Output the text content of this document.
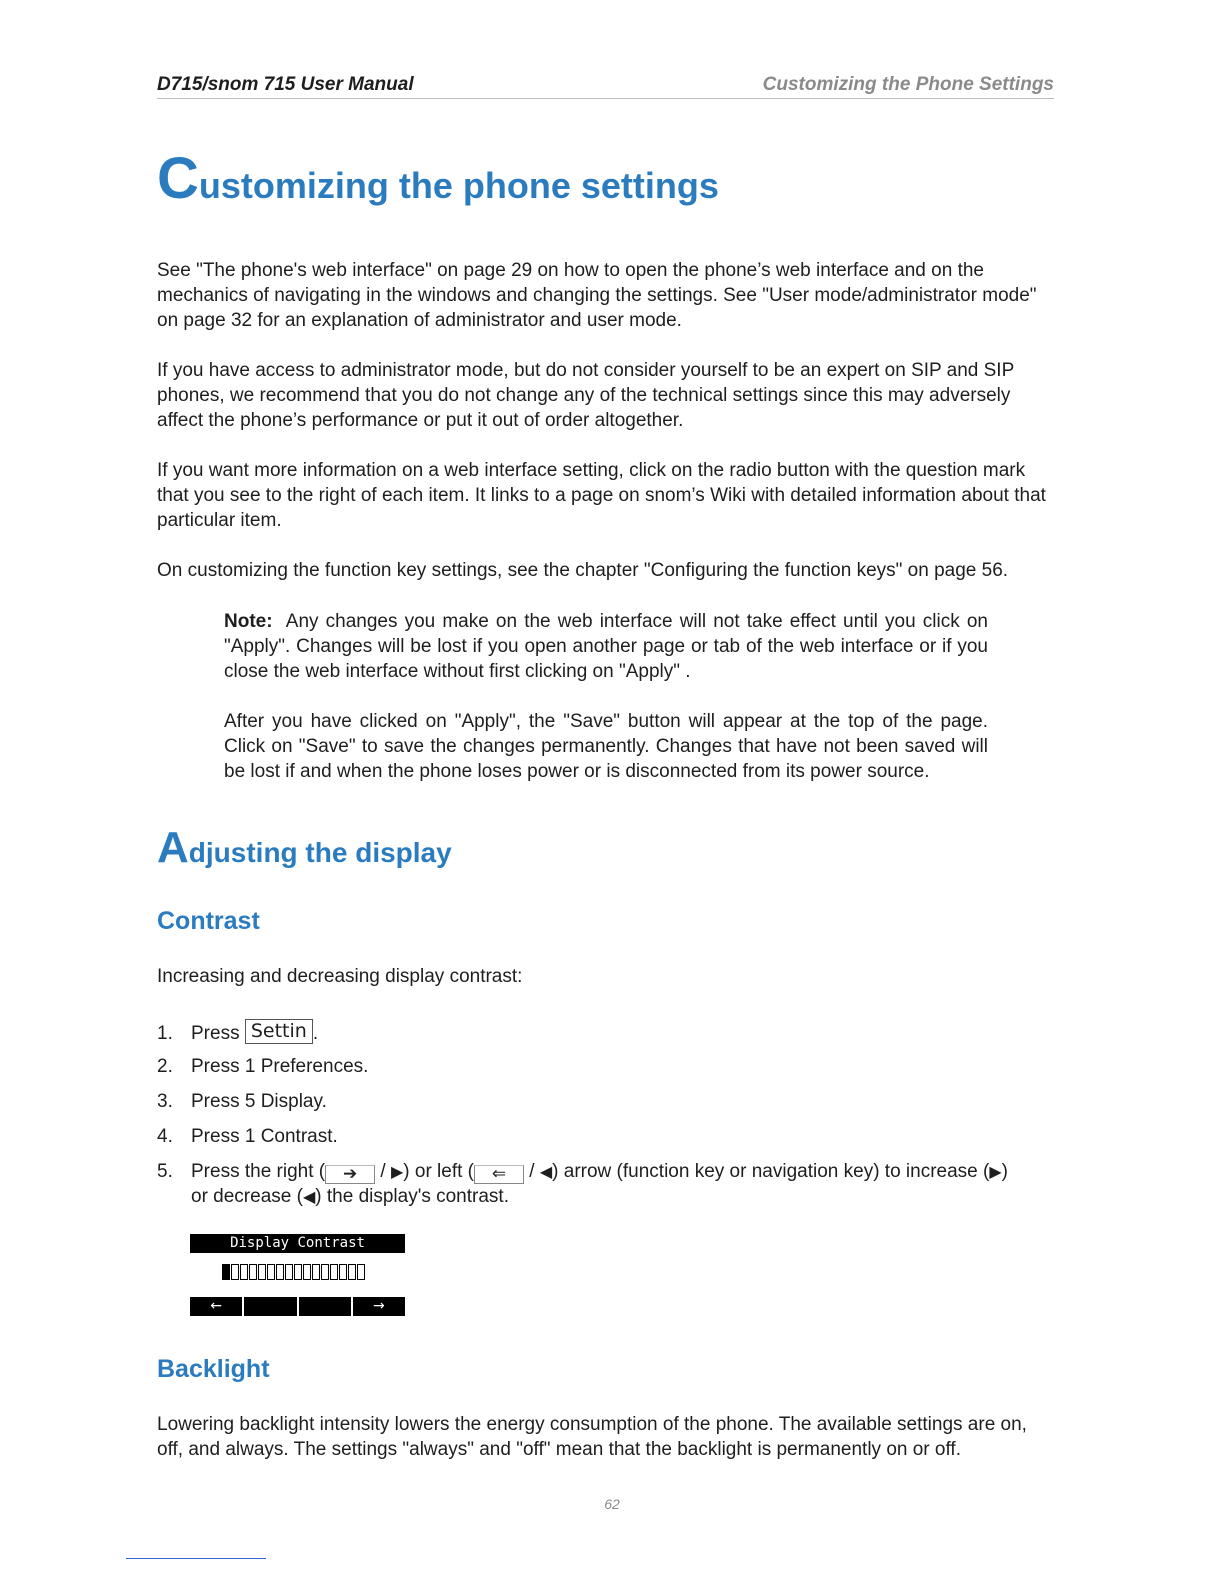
D715/snom 715 User Manual	Customizing the Phone Settings
Customizing the phone settings

See "The phone's web interface" on page 29 on how to open the phone’s web interface and on the mechanics of navigating in the windows and changing the settings. See "User mode/administrator mode" on page 32 for an explanation of administrator and user mode.

If you have access to administrator mode, but do not consider yourself to be an expert on SIP and SIP phones, we recommend that you do not change any of the technical settings since this may adversely affect the phone’s performance or put it out of order altogether.

If you want more information on a web interface setting, click on the radio button with the question mark that you see to the right of each item. It links to a page on snom’s Wiki with detailed information about that particular item.

On customizing the function key settings, see the chapter "Configuring the function keys" on page 56.

Note: Any changes you make on the web interface will not take effect until you click on "Apply". Changes will be lost if you open another page or tab of the web interface or if you close the web interface without first clicking on "Apply" .

After you have clicked on "Apply", the "Save" button will appear at the top of the page. Click on "Save" to save the changes permanently. Changes that have not been saved will be lost if and when the phone loses power or is disconnected from its power source.

Adjusting the display
Contrast

Increasing and decreasing display contrast:

1. Press Settin .
2. Press 1 Preferences.
3. Press 5 Display.
4. Press 1 Contrast.
5. Press the right ( ➔ / ▶) or left ( ⇐ / ◀) arrow (function key or navigation key) to increase (▶)
or decrease (◀) the display's contrast.
Display Contrast
←	→
Backlight

Lowering backlight intensity lowers the energy consumption of the phone. The available settings are on, off, and always. The settings "always" and "off" mean that the backlight is permanently on or off.

62
